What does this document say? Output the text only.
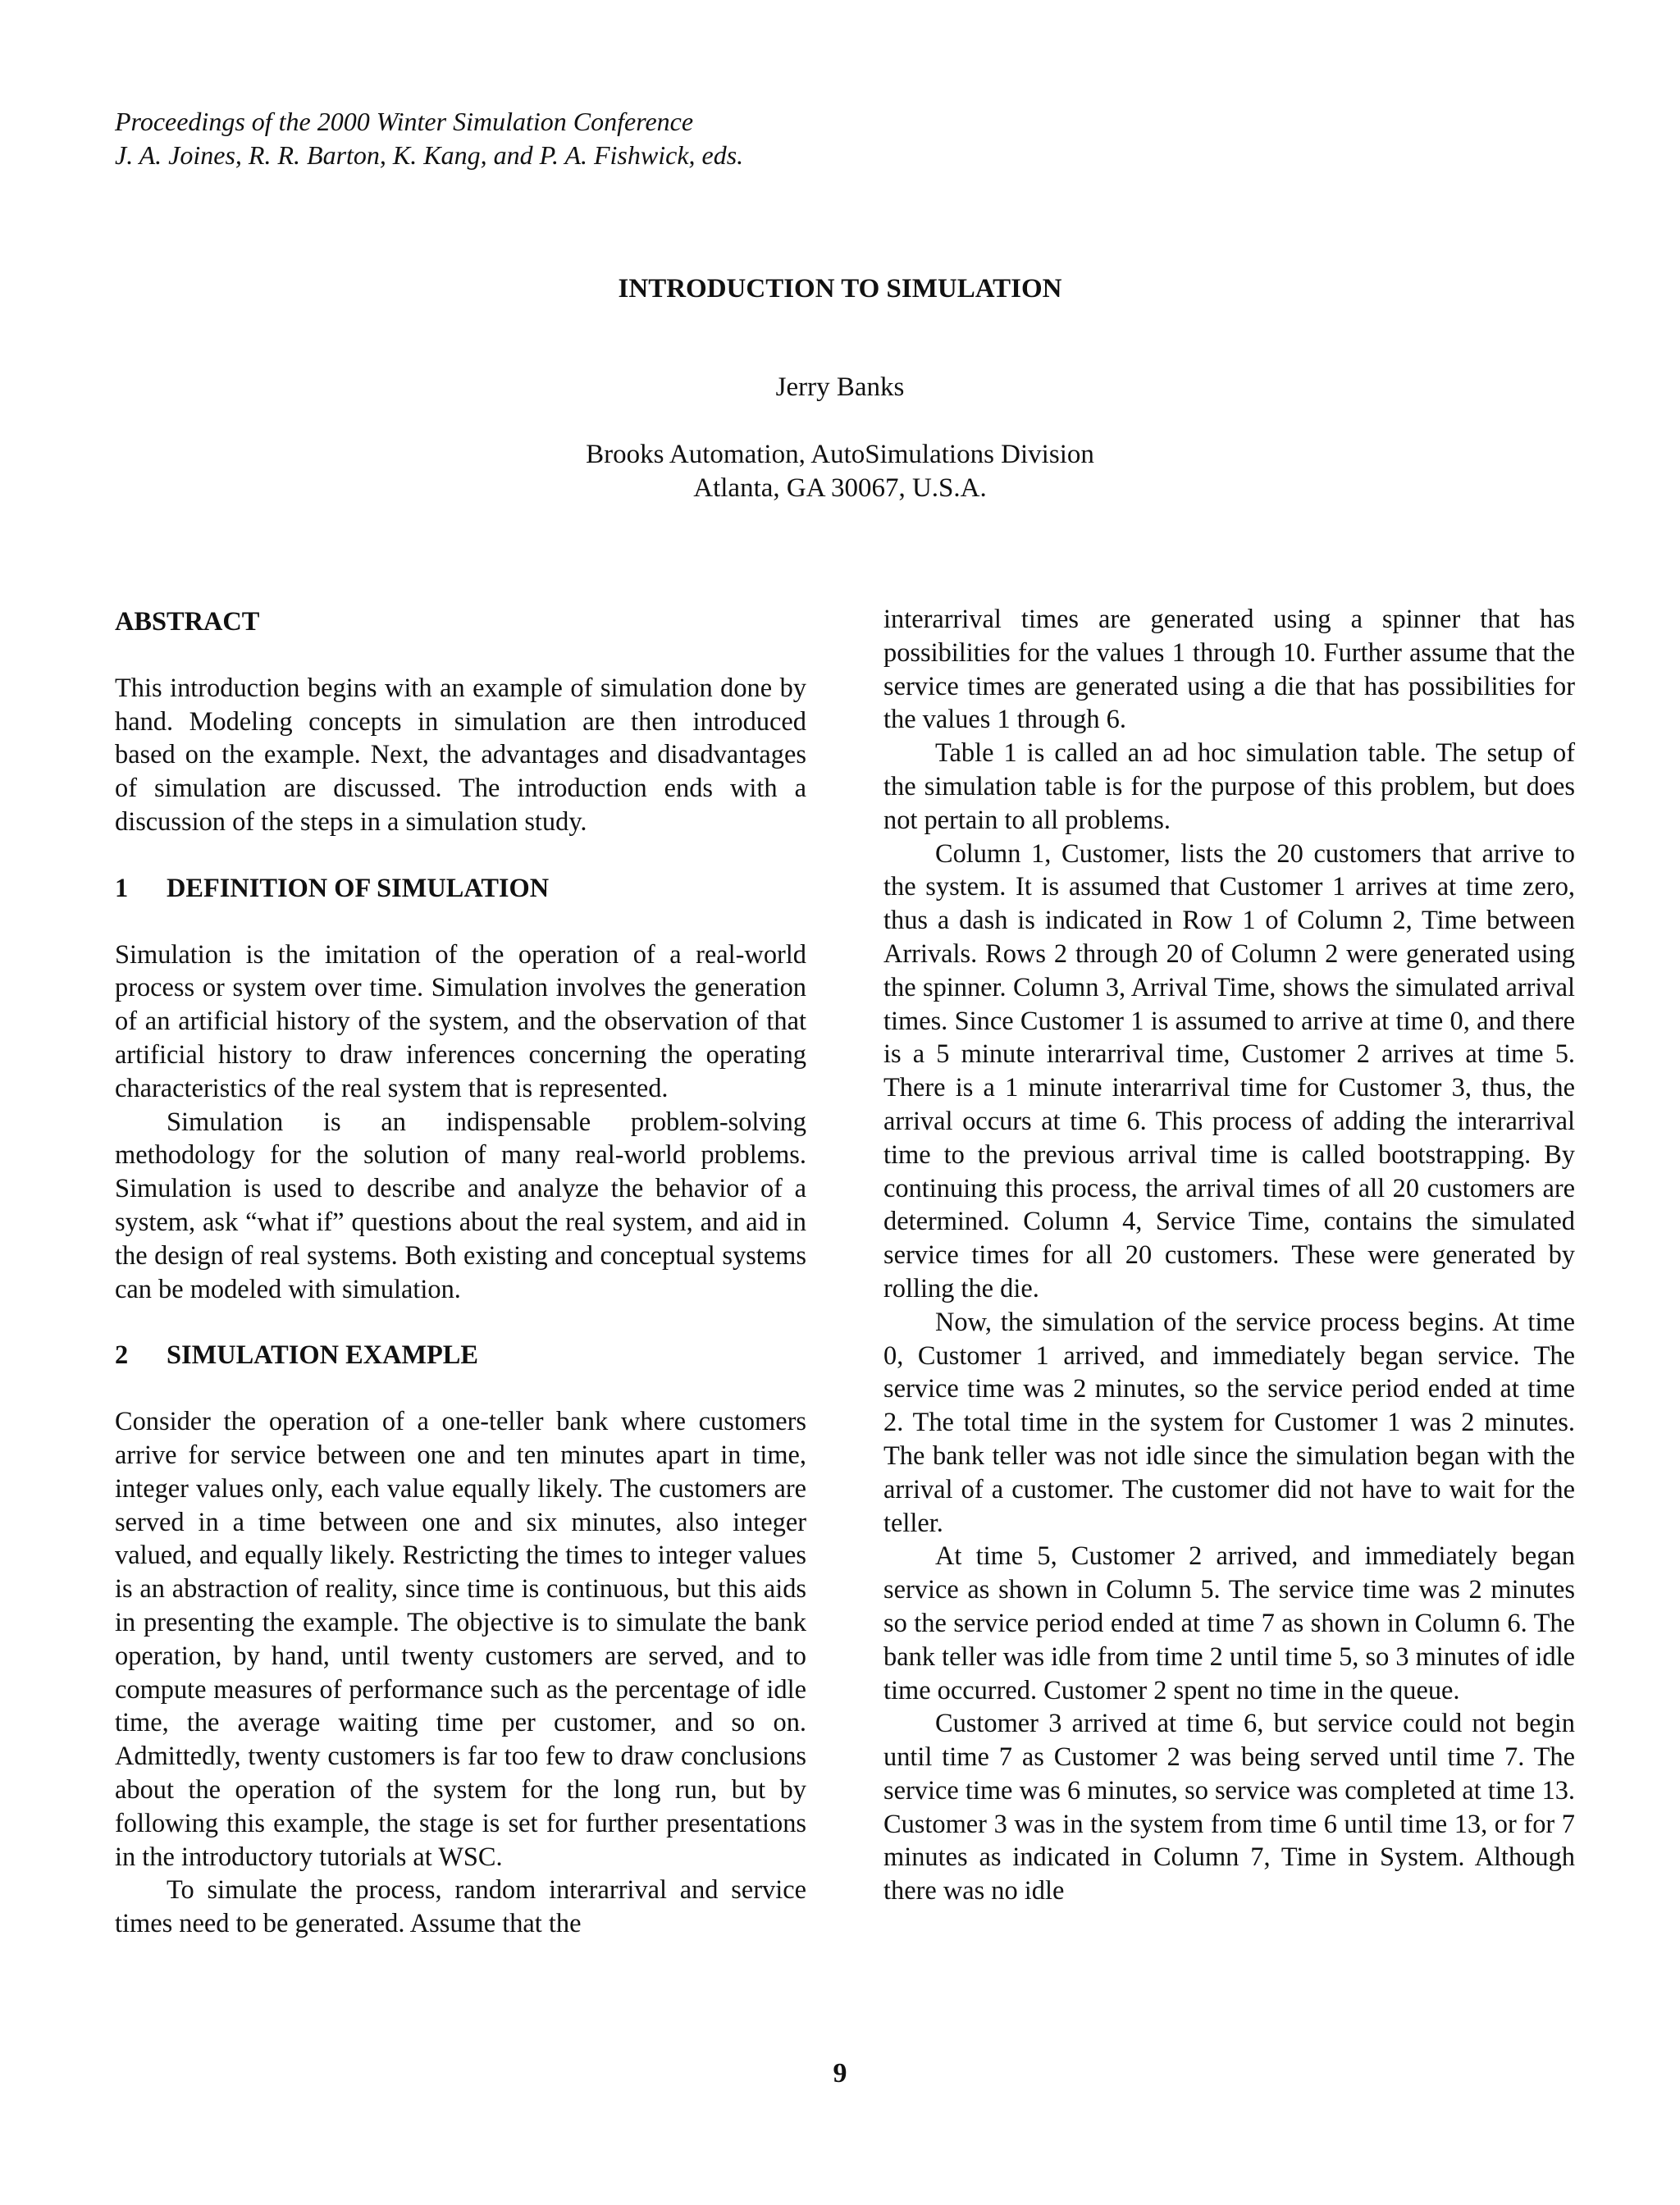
Proceedings of the 2000 Winter Simulation Conference
J. A. Joines, R. R. Barton, K. Kang, and P. A. Fishwick, eds.
INTRODUCTION TO SIMULATION
Jerry Banks
Brooks Automation, AutoSimulations Division
Atlanta, GA 30067, U.S.A.
ABSTRACT

This introduction begins with an example of simulation done by hand. Modeling concepts in simulation are then introduced based on the example. Next, the advantages and disadvantages of simulation are discussed. The introduction ends with a discussion of the steps in a simulation study.

1 DEFINITION OF SIMULATION

Simulation is the imitation of the operation of a real-world process or system over time. Simulation involves the generation of an artificial history of the system, and the observation of that artificial history to draw inferences concerning the operating characteristics of the real system that is represented.

Simulation is an indispensable problem-solving methodology for the solution of many real-world problems. Simulation is used to describe and analyze the behavior of a system, ask “what if” questions about the real system, and aid in the design of real systems. Both existing and conceptual systems can be modeled with simulation.

2 SIMULATION EXAMPLE

Consider the operation of a one-teller bank where customers arrive for service between one and ten minutes apart in time, integer values only, each value equally likely. The customers are served in a time between one and six minutes, also integer valued, and equally likely. Restricting the times to integer values is an abstraction of reality, since time is continuous, but this aids in presenting the example. The objective is to simulate the bank operation, by hand, until twenty customers are served, and to compute measures of performance such as the percentage of idle time, the average waiting time per customer, and so on. Admittedly, twenty customers is far too few to draw conclusions about the operation of the system for the long run, but by following this example, the stage is set for further presentations in the introductory tutorials at WSC.

To simulate the process, random interarrival and service times need to be generated. Assume that the

interarrival times are generated using a spinner that has possibilities for the values 1 through 10. Further assume that the service times are generated using a die that has possibilities for the values 1 through 6.

Table 1 is called an ad hoc simulation table. The setup of the simulation table is for the purpose of this problem, but does not pertain to all problems.

Column 1, Customer, lists the 20 customers that arrive to the system. It is assumed that Customer 1 arrives at time zero, thus a dash is indicated in Row 1 of Column 2, Time between Arrivals. Rows 2 through 20 of Column 2 were generated using the spinner. Column 3, Arrival Time, shows the simulated arrival times. Since Customer 1 is assumed to arrive at time 0, and there is a 5 minute interarrival time, Customer 2 arrives at time 5. There is a 1 minute interarrival time for Customer 3, thus, the arrival occurs at time 6. This process of adding the interarrival time to the previous arrival time is called bootstrapping. By continuing this process, the arrival times of all 20 customers are determined. Column 4, Service Time, contains the simulated service times for all 20 customers. These were generated by rolling the die.

Now, the simulation of the service process begins. At time 0, Customer 1 arrived, and immediately began service. The service time was 2 minutes, so the service period ended at time 2. The total time in the system for Customer 1 was 2 minutes. The bank teller was not idle since the simulation began with the arrival of a customer. The customer did not have to wait for the teller.

At time 5, Customer 2 arrived, and immediately began service as shown in Column 5. The service time was 2 minutes so the service period ended at time 7 as shown in Column 6. The bank teller was idle from time 2 until time 5, so 3 minutes of idle time occurred. Customer 2 spent no time in the queue.

Customer 3 arrived at time 6, but service could not begin until time 7 as Customer 2 was being served until time 7. The service time was 6 minutes, so service was completed at time 13. Customer 3 was in the system from time 6 until time 13, or for 7 minutes as indicated in Column 7, Time in System. Although there was no idle

9
